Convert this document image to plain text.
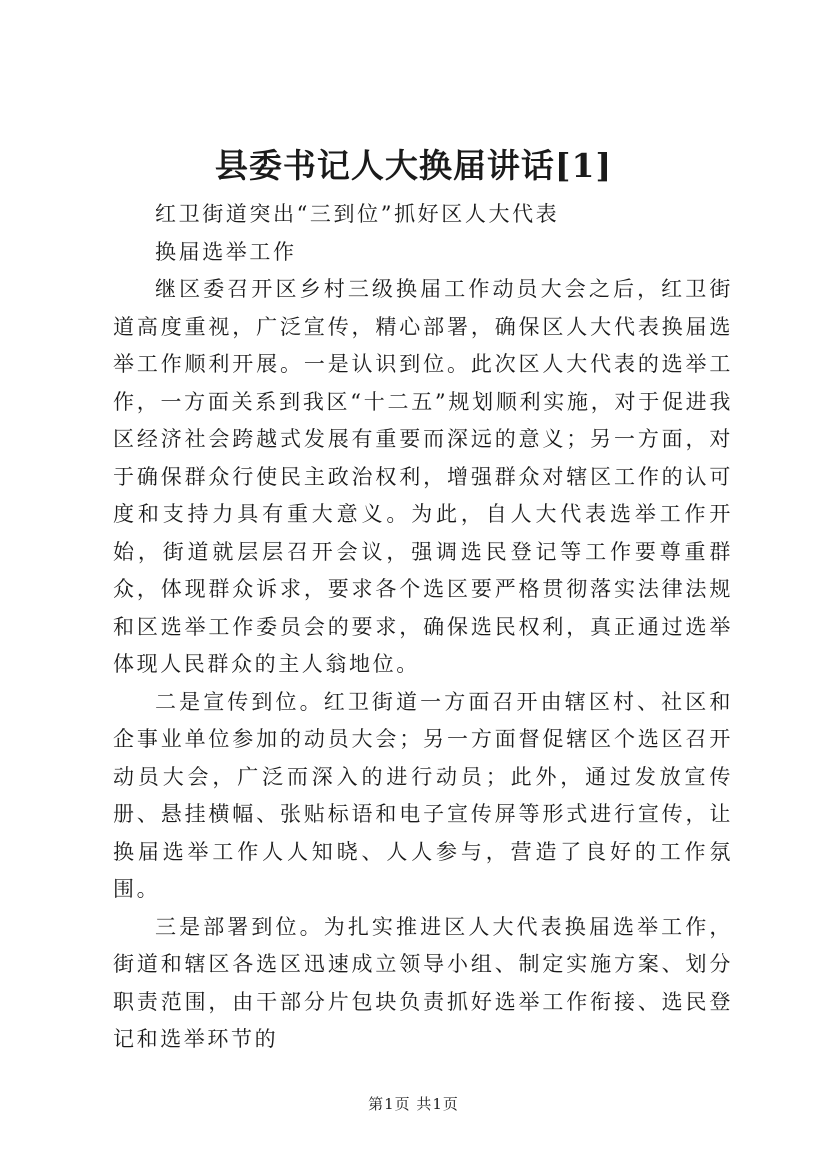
县委书记人大换届讲话[1]

红卫街道突出“三到位”抓好区人大代表

换届选举工作

继区委召开区乡村三级换届工作动员大会之后，红卫街道高度重视，广泛宣传，精心部署，确保区人大代表换届选举工作顺利开展。一是认识到位。此次区人大代表的选举工作，一方面关系到我区“十二五”规划顺利实施，对于促进我区经济社会跨越式发展有重要而深远的意义；另一方面，对于确保群众行使民主政治权利，增强群众对辖区工作的认可度和支持力具有重大意义。为此，自人大代表选举工作开始，街道就层层召开会议，强调选民登记等工作要尊重群众，体现群众诉求，要求各个选区要严格贯彻落实法律法规和区选举工作委员会的要求，确保选民权利，真正通过选举体现人民群众的主人翁地位。

二是宣传到位。红卫街道一方面召开由辖区村、社区和企事业单位参加的动员大会；另一方面督促辖区个选区召开动员大会，广泛而深入的进行动员；此外，通过发放宣传册、悬挂横幅、张贴标语和电子宣传屏等形式进行宣传，让换届选举工作人人知晓、人人参与，营造了良好的工作氛围。

三是部署到位。为扎实推进区人大代表换届选举工作，街道和辖区各选区迅速成立领导小组、制定实施方案、划分职责范围，由干部分片包块负责抓好选举工作衔接、选民登记和选举环节的

第1页 共1页
